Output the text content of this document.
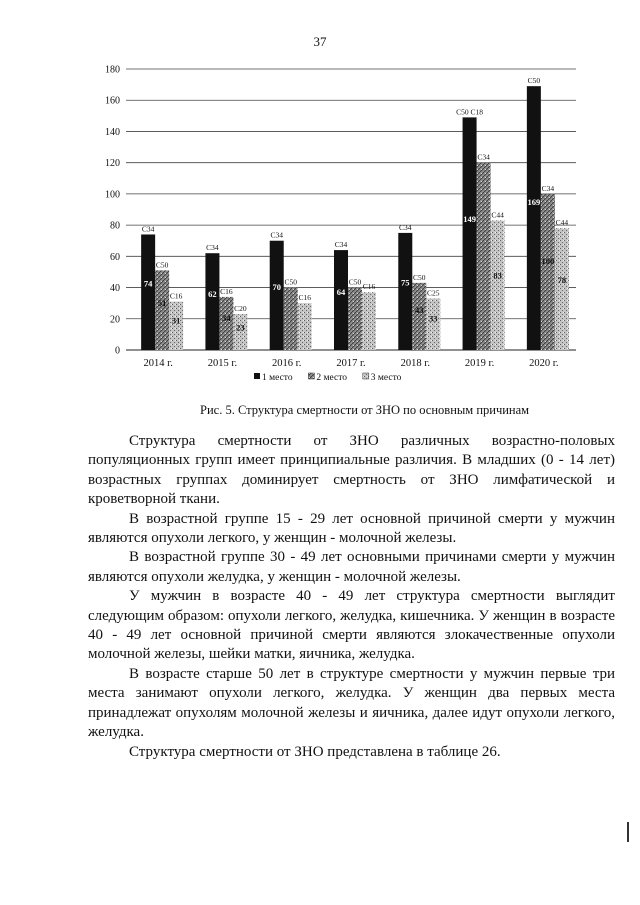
37
0
20
40
60
80
100
120
140
160
180
C34
74
C50
51
C16
31
2014 г.
C34
62 C16
34
C20
23
2015 г.
C34
70 C50
C16
2016 г.
C34
64
C50
C16
2017 г.
C34
75
C50
43
C25
33
2018 г.
C50 C18
149
C34
C44
83
2019 г.
C50
169
C34
100
C44
78
2020 г.
1 место	2 место	3 место
Рис. 5. Структура смертности от ЗНО по основным причинам

Структура смертности от ЗНО различных возрастно-половых популяционных групп имеет принципиальные различия. В младших (0 - 14 лет) возрастных группах доминирует смертность от ЗНО лимфатической и кроветворной ткани.

В возрастной группе 15 - 29 лет основной причиной смерти у мужчин являются опухоли легкого, у женщин - молочной железы.

В возрастной группе 30 - 49 лет основными причинами смерти у мужчин являются опухоли желудка, у женщин - молочной железы.

У мужчин в возрасте 40 - 49 лет структура смертности выглядит следующим образом: опухоли легкого, желудка, кишечника. У женщин в возрасте 40 - 49 лет основной причиной смерти являются злокачественные опухоли молочной железы, шейки матки, яичника, желудка.

В возрасте старше 50 лет в структуре смертности у мужчин первые три места занимают опухоли легкого, желудка. У женщин два первых места принадлежат опухолям молочной железы и яичника, далее идут опухоли легкого, желудка.

Структура смертности от ЗНО представлена в таблице 26.
